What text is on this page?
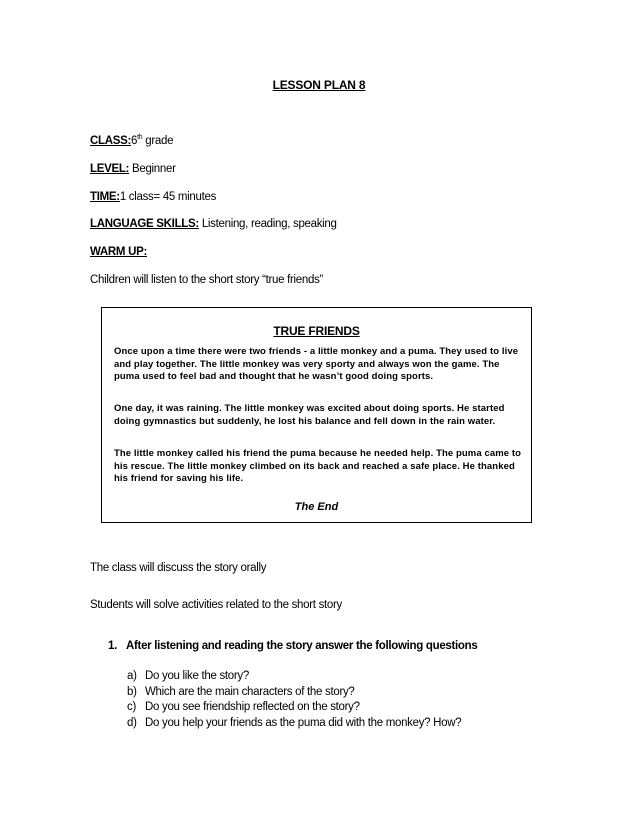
LESSON PLAN 8
CLASS:6th grade
LEVEL: Beginner
TIME:1 class= 45 minutes
LANGUAGE SKILLS: Listening, reading, speaking
WARM UP:
Children will listen to the short story “true friends”
TRUE FRIENDS

Once upon a time there were two friends - a little monkey and a puma. They used to live and play together. The little monkey was very sporty and always won the game. The puma used to feel bad and thought that he wasn’t good doing sports.

One day, it was raining. The little monkey was excited about doing sports. He started doing gymnastics but suddenly, he lost his balance and fell down in the rain water.

The little monkey called his friend the puma because he needed help. The puma came to his rescue. The little monkey climbed on its back and reached a safe place. He thanked his friend for saving his life.

The End
The class will discuss the story orally
Students will solve activities related to the short story
1. After listening and reading the story answer the following questions
a) Do you like the story?
b) Which are the main characters of the story?
c) Do you see friendship reflected on the story?
d) Do you help your friends as the puma did with the monkey? How?
